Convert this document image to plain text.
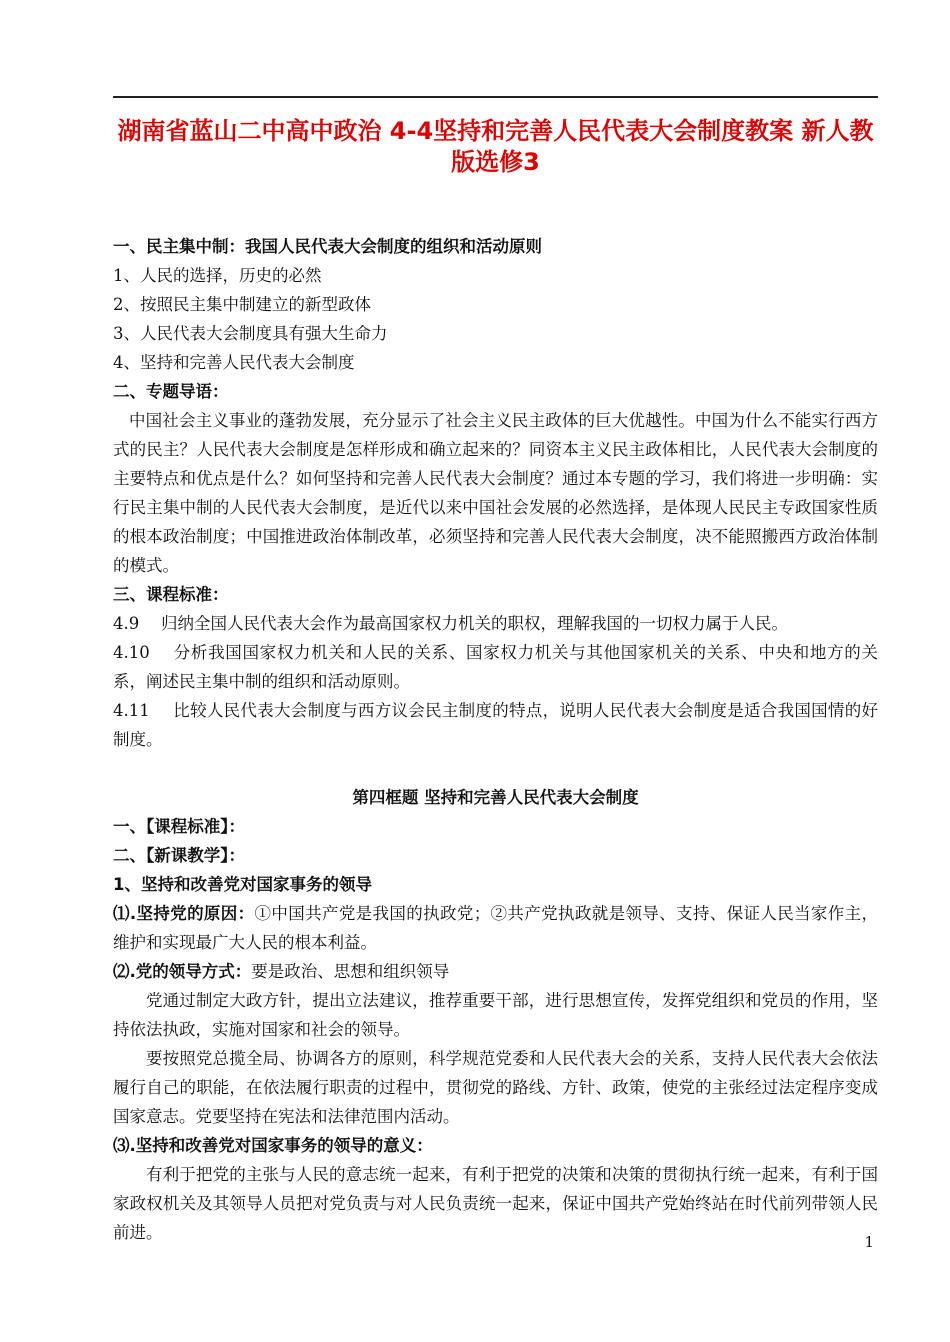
湖南省蓝山二中高中政治 4-4坚持和完善人民代表大会制度教案 新人教版选修3
一、民主集中制：我国人民代表大会制度的组织和活动原则
1、人民的选择，历史的必然
2、按照民主集中制建立的新型政体
3、人民代表大会制度具有强大生命力
4、坚持和完善人民代表大会制度
二、专题导语：
中国社会主义事业的蓬勃发展，充分显示了社会主义民主政体的巨大优越性。中国为什么不能实行西方式的民主？人民代表大会制度是怎样形成和确立起来的？同资本主义民主政体相比，人民代表大会制度的主要特点和优点是什么？如何坚持和完善人民代表大会制度？通过本专题的学习，我们将进一步明确：实行民主集中制的人民代表大会制度，是近代以来中国社会发展的必然选择，是体现人民民主专政国家性质的根本政治制度；中国推进政治体制改革，必须坚持和完善人民代表大会制度，决不能照搬西方政治体制的模式。
三、课程标准：
4.9 归纳全国人民代表大会作为最高国家权力机关的职权，理解我国的一切权力属于人民。
4.10 分析我国国家权力机关和人民的关系、国家权力机关与其他国家机关的关系、中央和地方的关系，阐述民主集中制的组织和活动原则。
4.11 比较人民代表大会制度与西方议会民主制度的特点，说明人民代表大会制度是适合我国国情的好制度。
第四框题 坚持和完善人民代表大会制度
一、【课程标准】：
二、【新课教学】：
1、坚持和改善党对国家事务的领导
⑴.坚持党的原因：①中国共产党是我国的执政党；②共产党执政就是领导、支持、保证人民当家作主，维护和实现最广大人民的根本利益。
⑵.党的领导方式：要是政治、思想和组织领导
党通过制定大政方针，提出立法建议，推荐重要干部，进行思想宣传，发挥党组织和党员的作用，坚持依法执政，实施对国家和社会的领导。
要按照党总揽全局、协调各方的原则，科学规范党委和人民代表大会的关系，支持人民代表大会依法履行自己的职能，在依法履行职责的过程中，贯彻党的路线、方针、政策，使党的主张经过法定程序变成国家意志。党要坚持在宪法和法律范围内活动。
⑶.坚持和改善党对国家事务的领导的意义：
有利于把党的主张与人民的意志统一起来，有利于把党的决策和决策的贯彻执行统一起来，有利于国家政权机关及其领导人员把对党负责与对人民负责统一起来，保证中国共产党始终站在时代前列带领人民前进。	1
